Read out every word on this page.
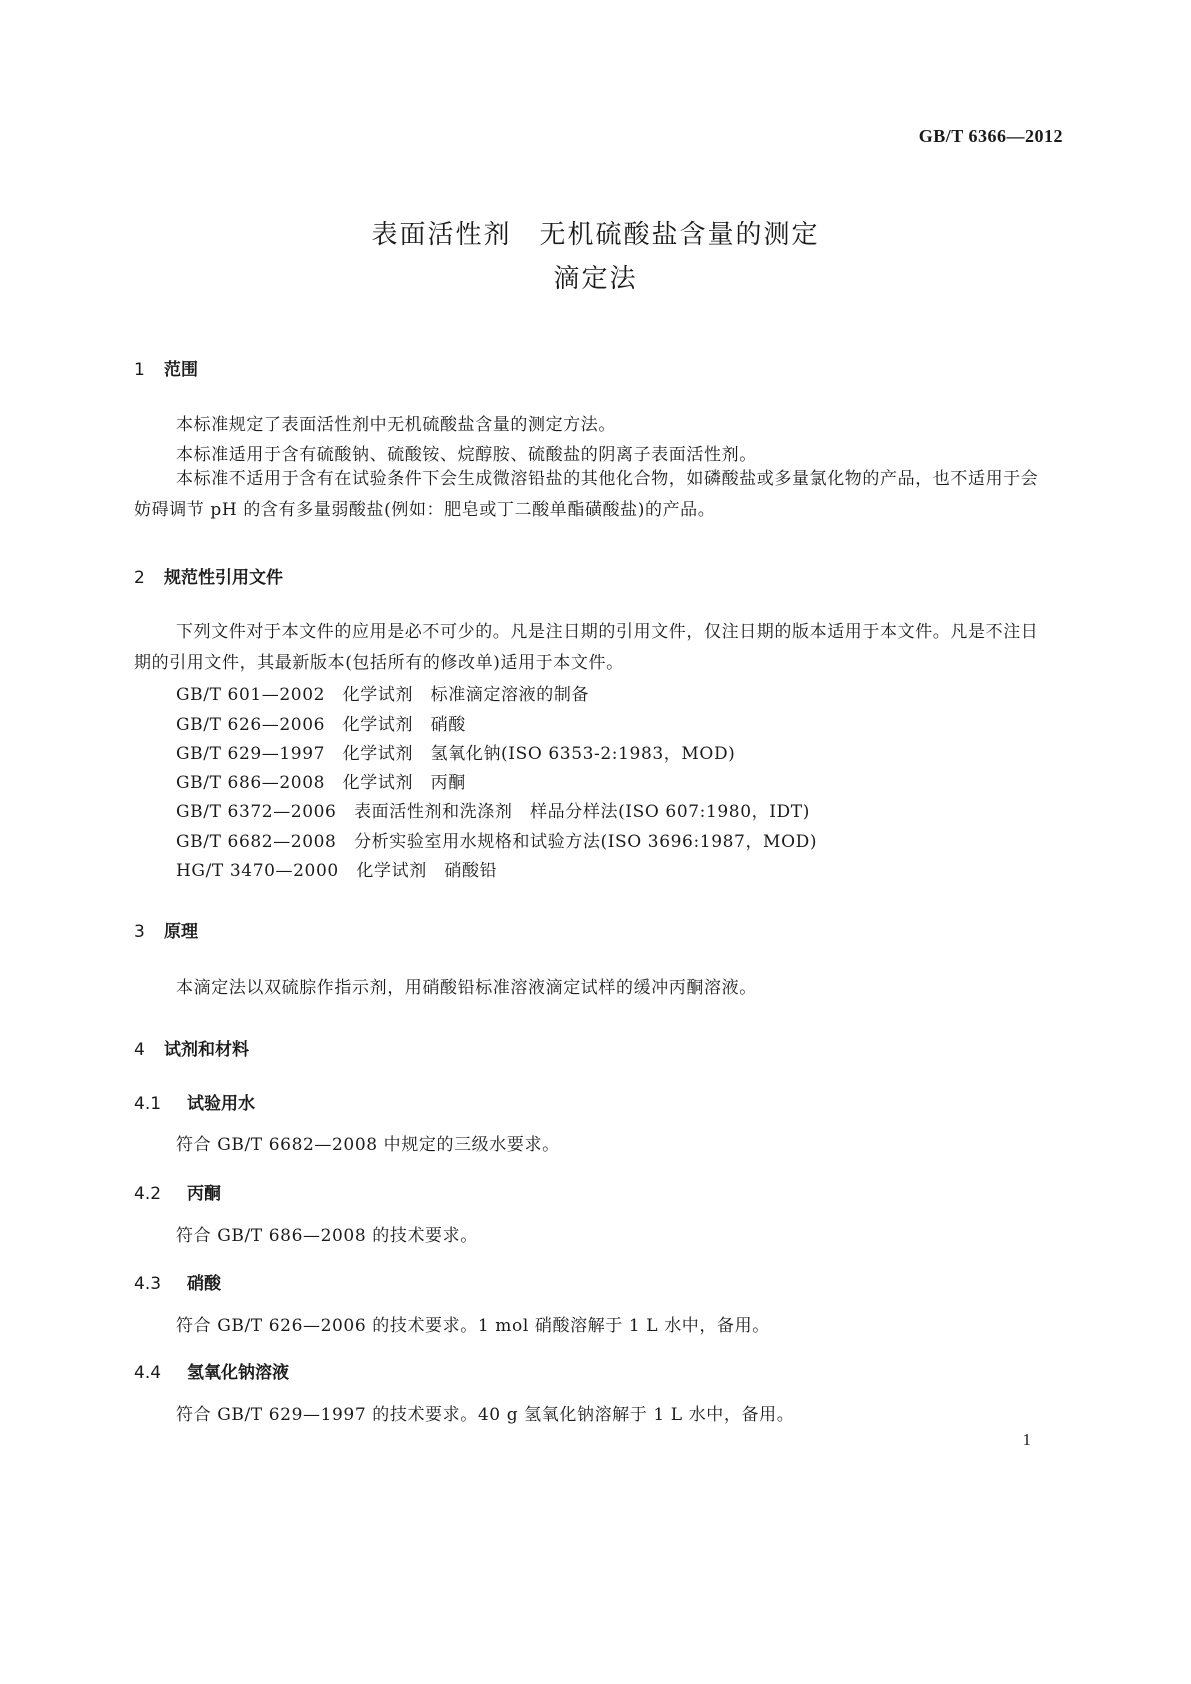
GB/T 6366—2012
表面活性剂　无机硫酸盐含量的测定
滴定法
1 范围
本标准规定了表面活性剂中无机硫酸盐含量的测定方法。
本标准适用于含有硫酸钠、硫酸铵、烷醇胺、硫酸盐的阴离子表面活性剂。
本标准不适用于含有在试验条件下会生成微溶铅盐的其他化合物，如磷酸盐或多量氯化物的产品，也不适用于会妨碍调节 pH 的含有多量弱酸盐(例如：肥皂或丁二酸单酯磺酸盐)的产品。
2 规范性引用文件
下列文件对于本文件的应用是必不可少的。凡是注日期的引用文件，仅注日期的版本适用于本文件。凡是不注日期的引用文件，其最新版本(包括所有的修改单)适用于本文件。
GB/T 601—2002　化学试剂　标准滴定溶液的制备
GB/T 626—2006　化学试剂　硝酸
GB/T 629—1997　化学试剂　氢氧化钠(ISO 6353-2:1983，MOD)
GB/T 686—2008　化学试剂　丙酮
GB/T 6372—2006　表面活性剂和洗涤剂　样品分样法(ISO 607:1980，IDT)
GB/T 6682—2008　分析实验室用水规格和试验方法(ISO 3696:1987，MOD)
HG/T 3470—2000　化学试剂　硝酸铅
3 原理
本滴定法以双硫腙作指示剂，用硝酸铅标准溶液滴定试样的缓冲丙酮溶液。
4 试剂和材料
4.1 试验用水
符合 GB/T 6682—2008 中规定的三级水要求。
4.2 丙酮
符合 GB/T 686—2008 的技术要求。
4.3 硝酸
符合 GB/T 626—2006 的技术要求。1 mol 硝酸溶解于 1 L 水中，备用。
4.4 氢氧化钠溶液
符合 GB/T 629—1997 的技术要求。40 g 氢氧化钠溶解于 1 L 水中，备用。
1
